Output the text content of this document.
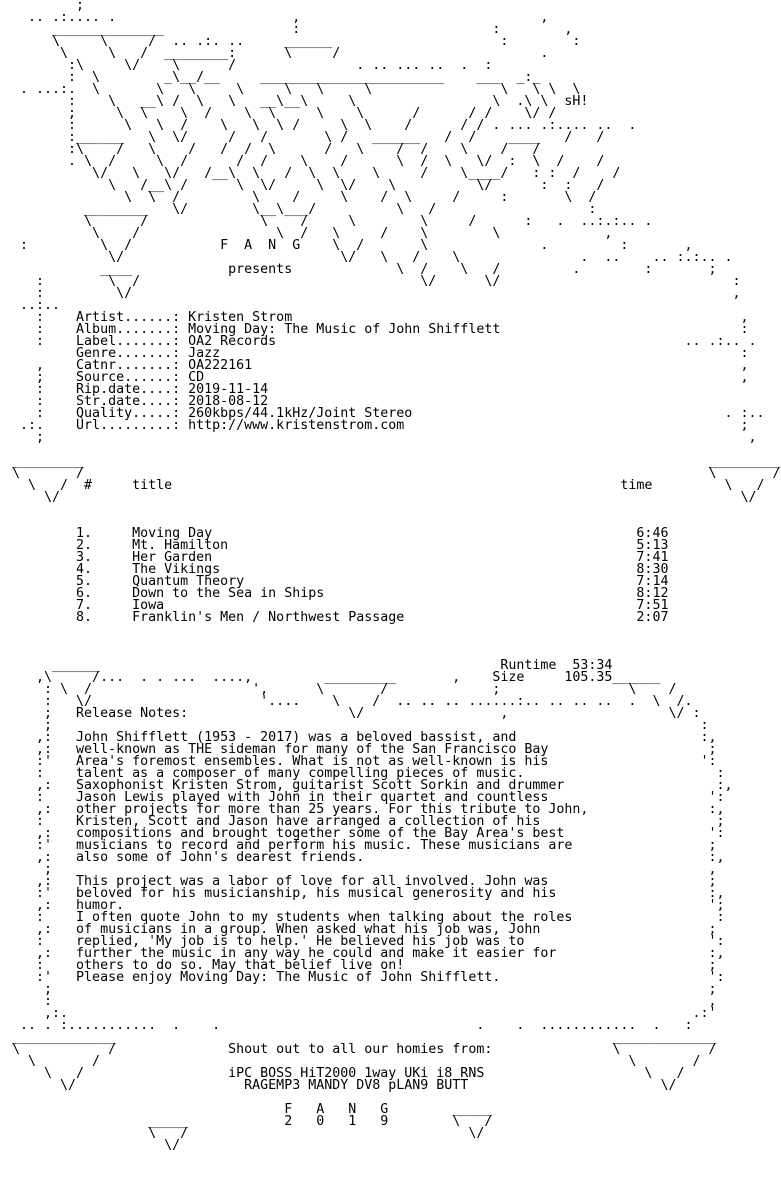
;
.. .:.... .                      ,                              ,
______________                :                        :        ,
\     \     /  .. .:. ..     ______                     :        :
\     \   /  ________:      \     /                         .
:\     \/    \      /               . .. ... ..  .  :
:  \        _\__/__     _______________________    ___  _:_
. ...:.  \       \   \     \     \   \     \                \   \ \  \
:    \   __\ /  \   \   __\__\     \                 \  .\ \  sH!
;     \  \    \  /    \  \     \    \      /      / /    \/ /
:      \   \  /    \   \  \ /     \  \    /      / / . ... .:.... ..  .
:______   \  \/     /   /       \ /   ______   /  /    ____   /   /
:\    /   \    /   /  /  \      /   \    /  /    \    /   /
. \  /     \  /      /  /    \    /      \  /  \   \/  :  \  /    /
\/   \   \/   /__\  \   /  \  \    \     /    \____/   : :  /    /
\   /__\ /      \  \/     \  \/    \          \/      :  :   /
\  \  /         \    /     \    /  \     /     :       \  /
________   \/        \__\___/          \   /                   :
\      /              \    /     \        \     /      :   .  ..:.:.. .
\    /                 \  /   \     /    \        \             ,
:         \  /           F  A  N  G    \  /       \              .         :       ,
\/                           \/   \   /    \               .  ..    .. :.:.. .
____            presents             \  /    \   /         .        :       ;
:        \  /                                   \/      \/                             :
:         \/                                                                           ,
..:..
:    Artist......: Kristen Strom                                                        ,
:    Album.......: Moving Day: The Music of John Shifflett                              :
:    Label.......: OA2 Records                                                   .. .:.. .
Genre.......: Jazz                                                                 :
,    Catnr.......: OA222161                                                             ,
;    Source......: CD                                                                   ,
:    Rip.date....: 2019-11-14
:    Str.date....: 2018-08-12
:    Quality.....: 260kbps/44.1kHz/Joint Stereo                                       . :..
.:.    Url.........: http://www.kristenstrom.com                                          ;
;                                                                                        ,
_________                                                                              _________
\       /                                                                              \       /
\   /  #     title                                                        time         \   /
\/                                                                                     \/
1.     Moving Day                                                     6:46
2.     Mt. Hamilton                                                   5:13
3.     Her Garden                                                     7:41
4.     The Vikings                                                    8:30
5.     Quantum Theory                                                 7:14
6.     Down to the Sea in Ships                                       8:12
7.     Iowa                                                           7:51
8.     Franklin's Men / Northwest Passage                             2:07
______                                                  Runtime  53:34
,\     /...  . . ...  ....,         _________       ,    Size     105.35______
: \  /                    ',      \       /             ;                \    /
:   \/                     '....    \    /  .. .. .. ......:.. .. .. ..  .  \  /.
;   Release Notes:                    \/                 ,                    \/ :
;                                                                                 :
,:   John Shifflett (1953 - 2017) was a beloved bassist, and                       :,
,:   well-known as THE sideman for many of the San Francisco Bay                    ;
:'   Area's foremost ensembles. What is not as well-known is his                   ':
:    talent as a composer of many compelling pieces of music.                        :
,:   Saxophonist Kristen Strom, guitarist Scott Sorkin and drummer                   :,
:    Jason Lewis played with John in their quartet and countless                    ':
,:   other projects for more than 25 years. For this tribute to John,               :,
:    Kristen, Scott and Jason have arranged a collection of his                      ;
,:   compositions and brought together some of the Bay Area's best                  ':
:'   musicians to record and perform his music. These musicians are                 ;
,:   also some of John's dearest friends.                                           :,
;                                                                                  ,
,:   This project was a labor of love for all involved. John was                    ;
:'   beloved for his musicianship, his musical generosity and his                   :,
,:   humor.                                                                         ';
:    I often quote John to my students when talking about the roles                  :
,:   of musicians in a group. When asked what his job was, John                     ;
:    replied, 'My job is to help.' He believed his job was to                       ':
,:   further the music in any way he could and make it easier for                   :,
:    others to do so. May that belief live on!                                      ;
:'   Please enjoy Moving Day: The Music of John Shifflett.                          ':
;                                                                                  ;
:                                                                                  ,
,:.                                                                              .:'
.. . :...........  .    .                                .    .  ............  .   :
_____________                                                              _____________
\           /              Shout out to all our homies from:               \           /
\       /                                                                  \       /
\   /                  iPC BOSS HiT2000 1way UKi i8 RNS                    \   /
\/                     RAGEMP3 MANDY DV8 pLAN9 BUTT                        \/
F   A   N   G        _____
_____            2   0   1   9        \   /
\   /                                   \/
\/
